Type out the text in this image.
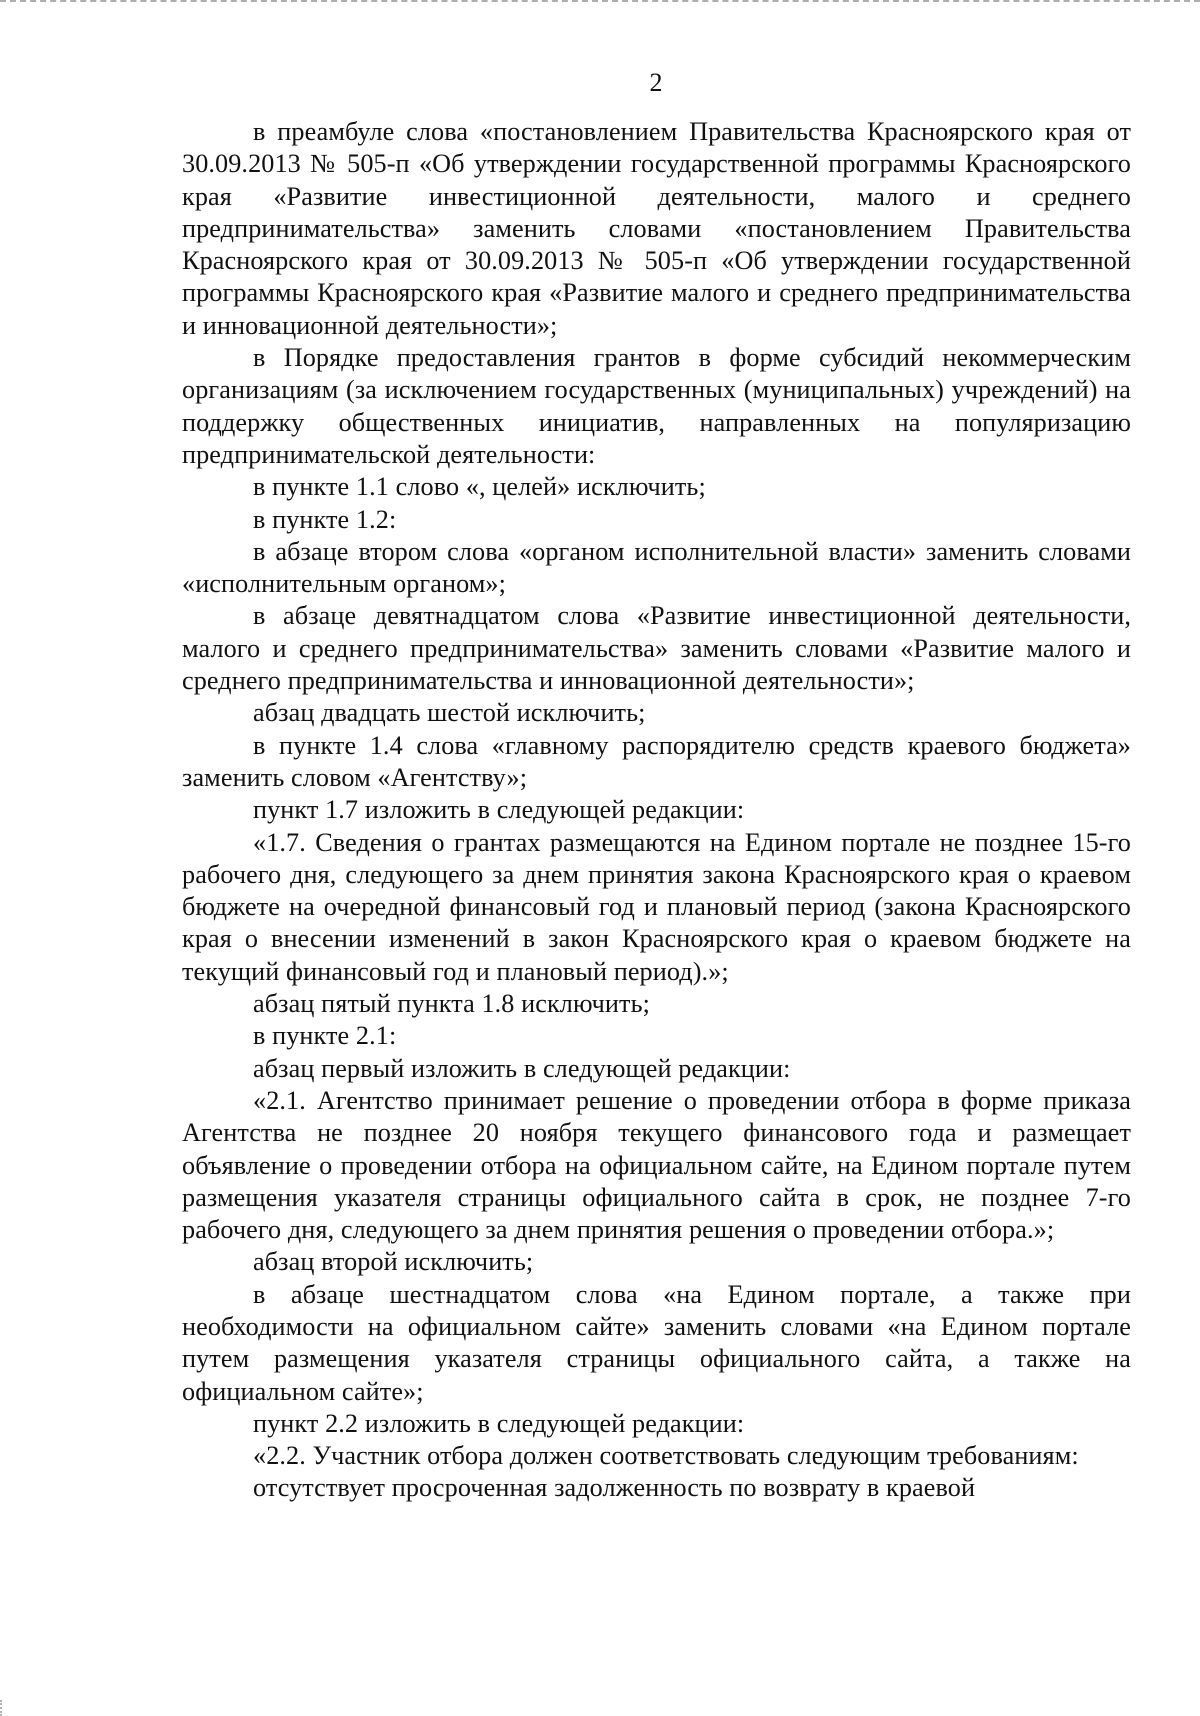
2

в преамбуле слова «постановлением Правительства Красноярского края от 30.09.2013 № 505-п «Об утверждении государственной программы Красноярского края «Развитие инвестиционной деятельности, малого и среднего предпринимательства» заменить словами «постановлением Правительства Красноярского края от 30.09.2013 № 505-п «Об утверждении государственной программы Красноярского края «Развитие малого и среднего предпринимательства и инновационной деятельности»;

в Порядке предоставления грантов в форме субсидий некоммерческим организациям (за исключением государственных (муниципальных) учреждений) на поддержку общественных инициатив, направленных на популяризацию предпринимательской деятельности:

в пункте 1.1 слово «, целей» исключить;

в пункте 1.2:

в абзаце втором слова «органом исполнительной власти» заменить словами «исполнительным органом»;

в абзаце девятнадцатом слова «Развитие инвестиционной деятельности, малого и среднего предпринимательства» заменить словами «Развитие малого и среднего предпринимательства и инновационной деятельности»;

абзац двадцать шестой исключить;

в пункте 1.4 слова «главному распорядителю средств краевого бюджета» заменить словом «Агентству»;

пункт 1.7 изложить в следующей редакции:

«1.7. Сведения о грантах размещаются на Едином портале не позднее 15-го рабочего дня, следующего за днем принятия закона Красноярского края о краевом бюджете на очередной финансовый год и плановый период (закона Красноярского края о внесении изменений в закон Красноярского края о краевом бюджете на текущий финансовый год и плановый период).»;

абзац пятый пункта 1.8 исключить;

в пункте 2.1:

абзац первый изложить в следующей редакции:

«2.1. Агентство принимает решение о проведении отбора в форме приказа Агентства не позднее 20 ноября текущего финансового года и размещает объявление о проведении отбора на официальном сайте, на Едином портале путем размещения указателя страницы официального сайта в срок, не позднее 7-го рабочего дня, следующего за днем принятия решения о проведении отбора.»;

абзац второй исключить;

в абзаце шестнадцатом слова «на Едином портале, а также при необходимости на официальном сайте» заменить словами «на Едином портале путем размещения указателя страницы официального сайта, а также на официальном сайте»;

пункт 2.2 изложить в следующей редакции:

«2.2. Участник отбора должен соответствовать следующим требованиям:

отсутствует просроченная задолженность по возврату в краевой
